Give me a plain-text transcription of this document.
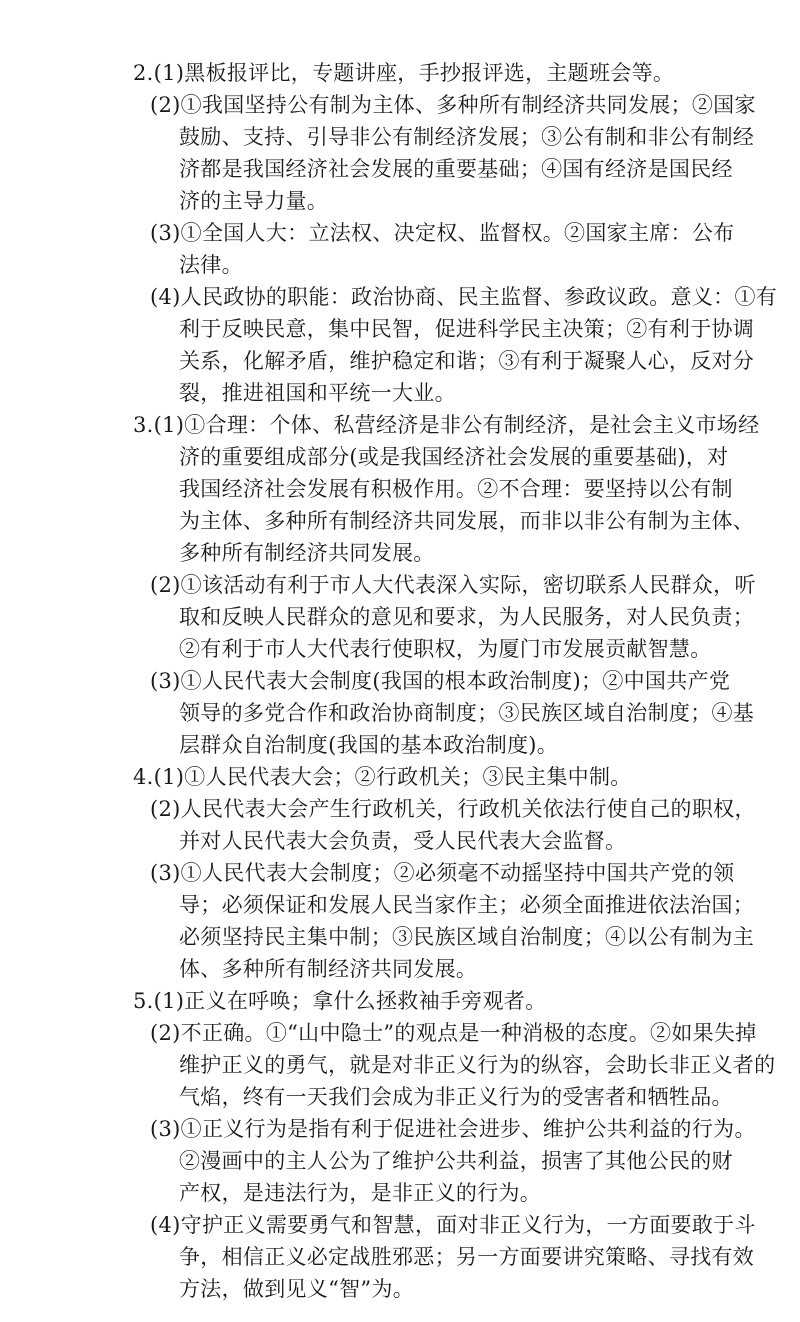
2.(1)黑板报评比，专题讲座，手抄报评选，主题班会等。
(2)①我国坚持公有制为主体、多种所有制经济共同发展；②国家
鼓励、支持、引导非公有制经济发展；③公有制和非公有制经
济都是我国经济社会发展的重要基础；④国有经济是国民经
济的主导力量。
(3)①全国人大：立法权、决定权、监督权。②国家主席：公布
法律。
(4)人民政协的职能：政治协商、民主监督、参政议政。意义：①有
利于反映民意，集中民智，促进科学民主决策；②有利于协调
关系，化解矛盾，维护稳定和谐；③有利于凝聚人心，反对分
裂，推进祖国和平统一大业。
3.(1)①合理：个体、私营经济是非公有制经济，是社会主义市场经
济的重要组成部分(或是我国经济社会发展的重要基础)，对
我国经济社会发展有积极作用。②不合理：要坚持以公有制
为主体、多种所有制经济共同发展，而非以非公有制为主体、
多种所有制经济共同发展。
(2)①该活动有利于市人大代表深入实际，密切联系人民群众，听
取和反映人民群众的意见和要求，为人民服务，对人民负责；
②有利于市人大代表行使职权，为厦门市发展贡献智慧。
(3)①人民代表大会制度(我国的根本政治制度)；②中国共产党
领导的多党合作和政治协商制度；③民族区域自治制度；④基
层群众自治制度(我国的基本政治制度)。
4.(1)①人民代表大会；②行政机关；③民主集中制。
(2)人民代表大会产生行政机关，行政机关依法行使自己的职权，
并对人民代表大会负责，受人民代表大会监督。
(3)①人民代表大会制度；②必须毫不动摇坚持中国共产党的领
导；必须保证和发展人民当家作主；必须全面推进依法治国；
必须坚持民主集中制；③民族区域自治制度；④以公有制为主
体、多种所有制经济共同发展。
5.(1)正义在呼唤；拿什么拯救袖手旁观者。
(2)不正确。①“山中隐士”的观点是一种消极的态度。②如果失掉
维护正义的勇气，就是对非正义行为的纵容，会助长非正义者的
气焰，终有一天我们会成为非正义行为的受害者和牺牲品。
(3)①正义行为是指有利于促进社会进步、维护公共利益的行为。
②漫画中的主人公为了维护公共利益，损害了其他公民的财
产权，是违法行为，是非正义的行为。
(4)守护正义需要勇气和智慧，面对非正义行为，一方面要敢于斗
争，相信正义必定战胜邪恶；另一方面要讲究策略、寻找有效
方法，做到见义“智”为。
